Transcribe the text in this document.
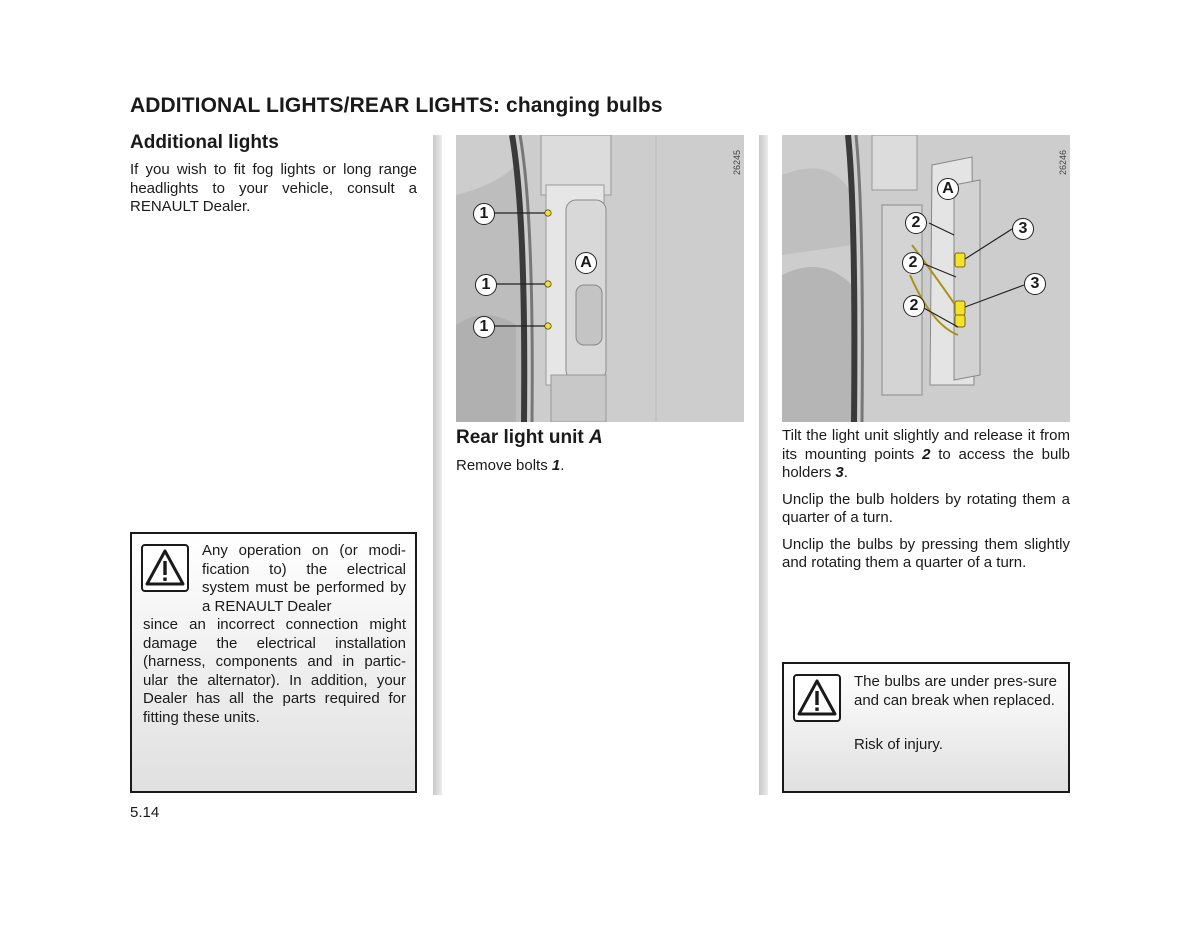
ADDITIONAL LIGHTS/REAR LIGHTS: changing bulbs
Additional lights
If you wish to fit fog lights or long range headlights to your vehicle, consult a RENAULT Dealer.
Any operation on (or modi-fication to) the electrical system must be performed by a RENAULT Dealer
since an incorrect connection might damage the electrical installation (harness, components and in partic-ular the alternator). In addition, your Dealer has all the parts required for fitting these units.
5.14
1
1
1
A
26245
Rear light unit A
Remove bolts 1.
A
2
2
2
3
3
26246

Tilt the light unit slightly and release it from its mounting points 2 to access the bulb holders 3.

Unclip the bulb holders by rotating them a quarter of a turn.

Unclip the bulbs by pressing them slightly and rotating them a quarter of a turn.

The bulbs are under pres-sure and can break when replaced.
Risk of injury.
